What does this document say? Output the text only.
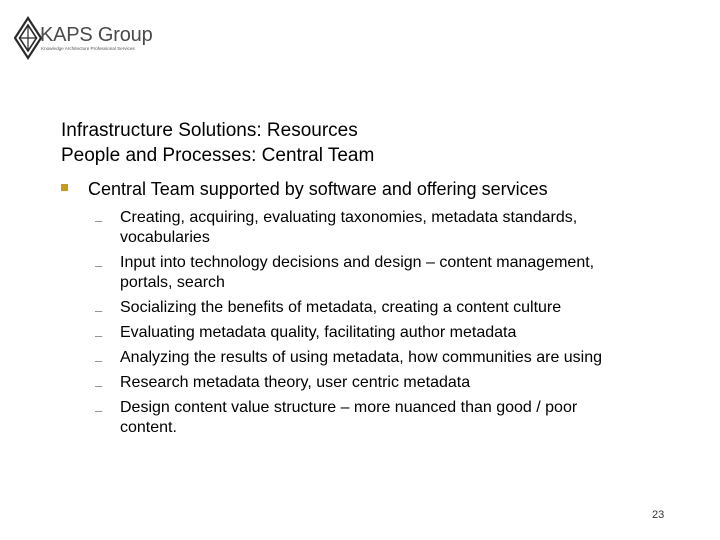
KAPS Group
Knowledge Architecture Professional Services
Infrastructure Solutions: Resources
People and Processes: Central Team
Central Team supported by software and offering services
– Creating, acquiring, evaluating taxonomies, metadata standards,
vocabularies
– Input into technology decisions and design – content management,
portals, search
– Socializing the benefits of metadata, creating a content culture
– Evaluating metadata quality, facilitating author metadata
– Analyzing the results of using metadata, how communities are using
– Research metadata theory, user centric metadata
– Design content value structure – more nuanced than good / poor
content.
23
